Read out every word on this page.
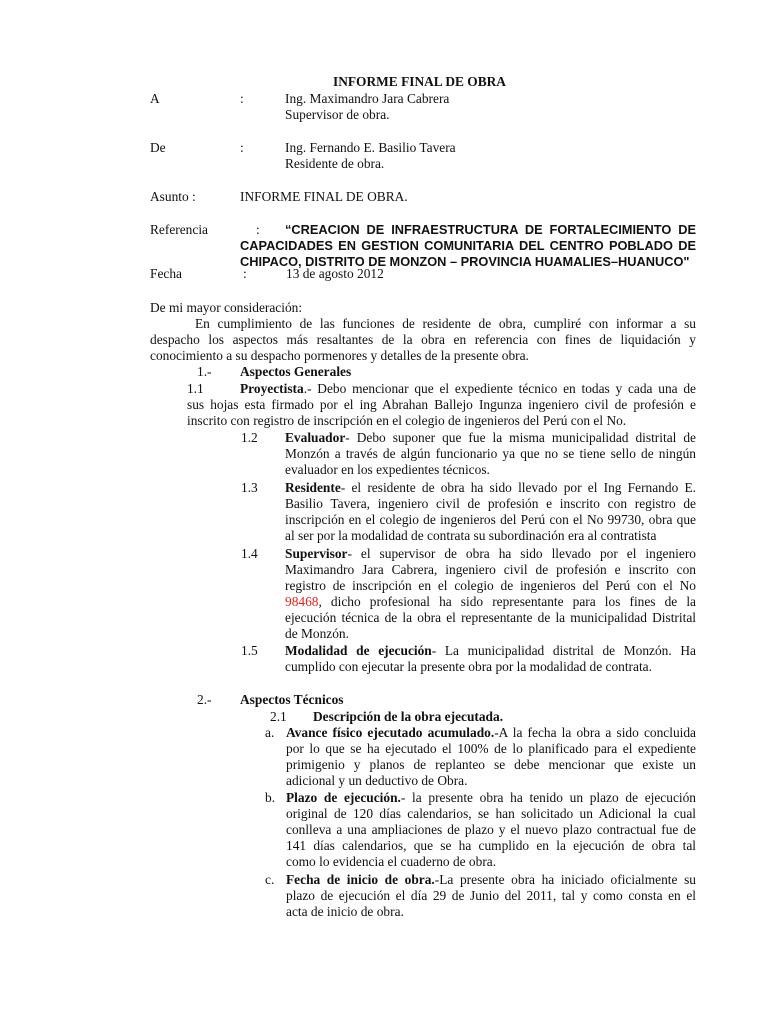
INFORME FINAL DE OBRA
A	:	Ing. Maximandro Jara Cabrera
Supervisor de obra.
De	:	Ing. Fernando E. Basilio Tavera
Residente de obra.
Asunto :	INFORME FINAL DE OBRA.
Referencia	:	“CREACION DE INFRAESTRUCTURA DE FORTALECIMIENTO DE
CAPACIDADES EN GESTION COMUNITARIA DEL CENTRO POBLADO DE
CHIPACO, DISTRITO DE MONZON – PROVINCIA HUAMALIES–HUANUCO"
Fecha	:	13 de agosto 2012
De mi mayor consideración:
En cumplimiento de las funciones de residente de obra, cumpliré con informar a su
despacho los aspectos más resaltantes de la obra en referencia con fines de liquidación y
conocimiento a su despacho pormenores y detalles de la presente obra.
1.- Aspectos Generales
1.1	Proyectista.- Debo mencionar que el expediente técnico en todas y cada una de
sus hojas esta firmado por el ing Abrahan Ballejo Ingunza ingeniero civil de profesión e
inscrito con registro de inscripción en el colegio de ingenieros del Perú con el No.
1.2 Evaluador- Debo suponer que fue la misma municipalidad distrital de
Monzón a través de algún funcionario ya que no se tiene sello de ningún
evaluador en los expedientes técnicos.
1.3 Residente- el residente de obra ha sido llevado por el Ing Fernando E.
Basilio Tavera, ingeniero civil de profesión e inscrito con registro de
inscripción en el colegio de ingenieros del Perú con el No 99730, obra que
al ser por la modalidad de contrata su subordinación era al contratista
1.4 Supervisor- el supervisor de obra ha sido llevado por el ingeniero
Maximandro Jara Cabrera, ingeniero civil de profesión e inscrito con
registro de inscripción en el colegio de ingenieros del Perú con el No
98468, dicho profesional ha sido representante para los fines de la
ejecución técnica de la obra el representante de la municipalidad Distrital
de Monzón.
1.5 Modalidad de ejecución- La municipalidad distrital de Monzón. Ha
cumplido con ejecutar la presente obra por la modalidad de contrata.
2.- Aspectos Técnicos
2.1 Descripción de la obra ejecutada.
a. Avance físico ejecutado acumulado.-A la fecha la obra a sido concluida
por lo que se ha ejecutado el 100% de lo planificado para el expediente
primigenio y planos de replanteo se debe mencionar que existe un
adicional y un deductivo de Obra.
b. Plazo de ejecución.- la presente obra ha tenido un plazo de ejecución
original de 120 días calendarios, se han solicitado un Adicional la cual
conlleva a una ampliaciones de plazo y el nuevo plazo contractual fue de
141 días calendarios, que se ha cumplido en la ejecución de obra tal
como lo evidencia el cuaderno de obra.
c. Fecha de inicio de obra.-La presente obra ha iniciado oficialmente su
plazo de ejecución el día 29 de Junio del 2011, tal y como consta en el
acta de inicio de obra.
